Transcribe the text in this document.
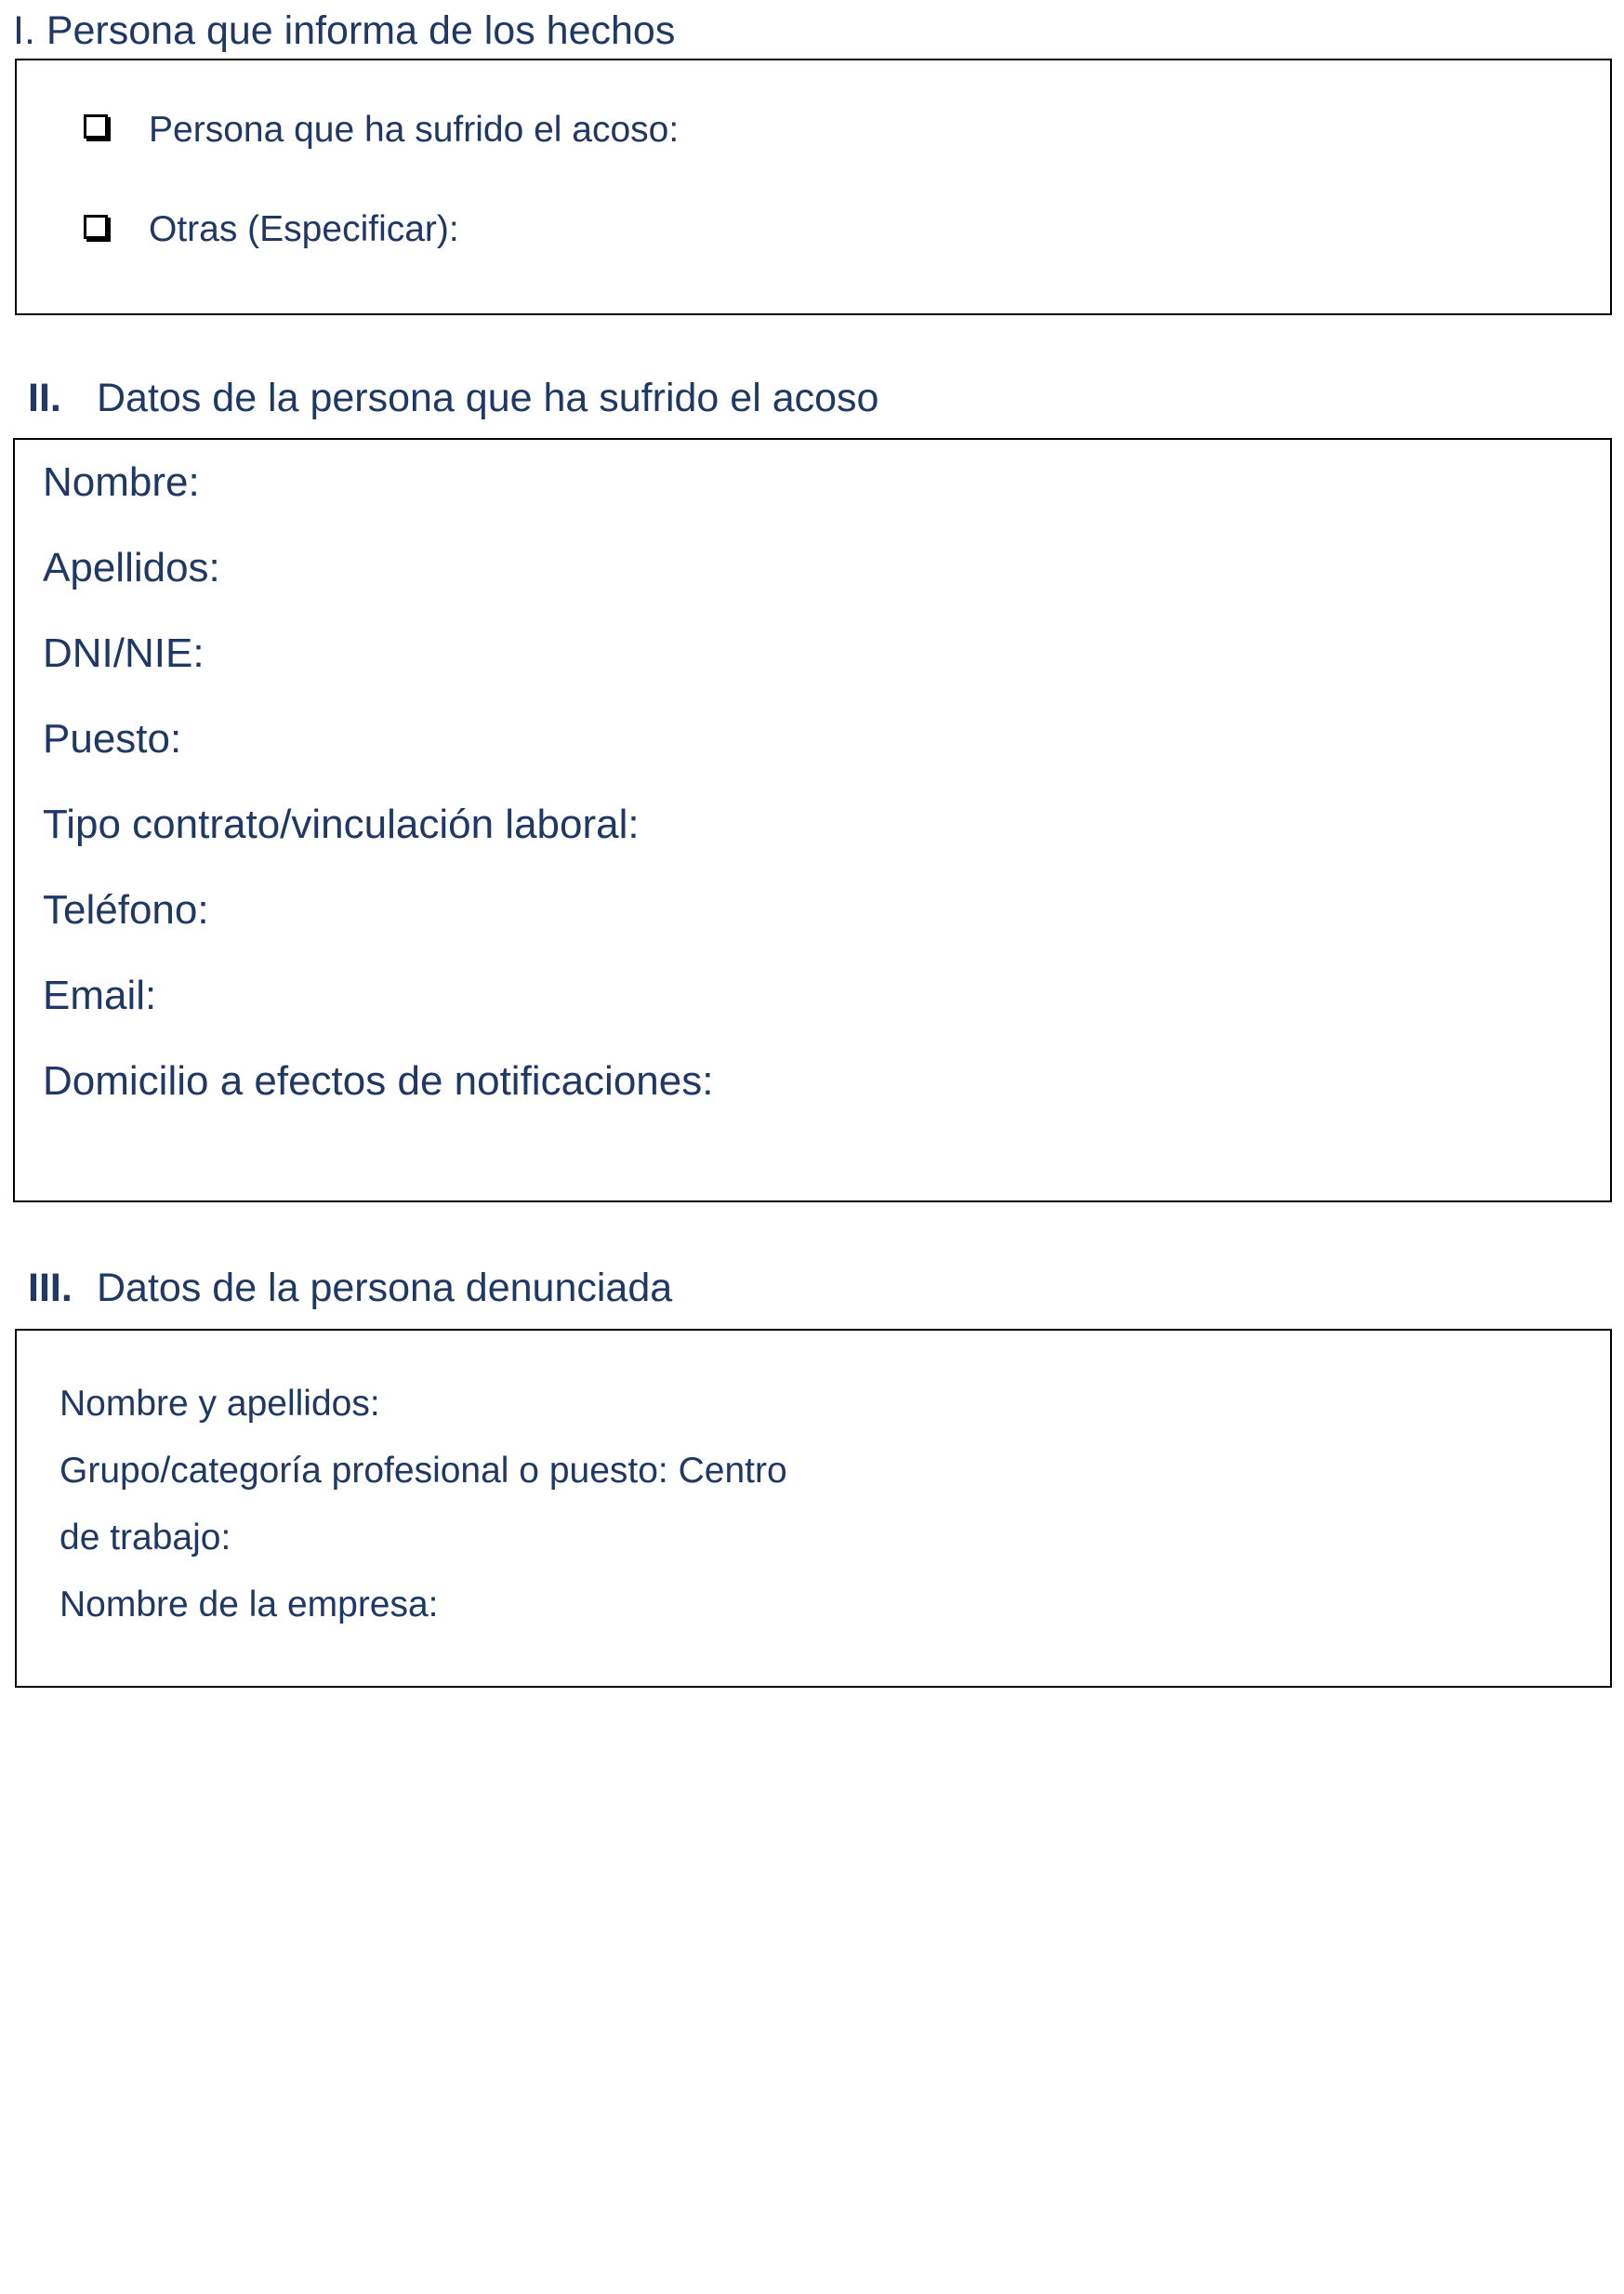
I. Persona que informa de los hechos
Persona que ha sufrido el acoso:
Otras (Especificar):
II. Datos de la persona que ha sufrido el acoso
Nombre:
Apellidos:
DNI/NIE:
Puesto:
Tipo contrato/vinculación laboral:
Teléfono:
Email:
Domicilio a efectos de notificaciones:
III. Datos de la persona denunciada
Nombre y apellidos:
Grupo/categoría profesional o puesto: Centro
de trabajo:
Nombre de la empresa:
